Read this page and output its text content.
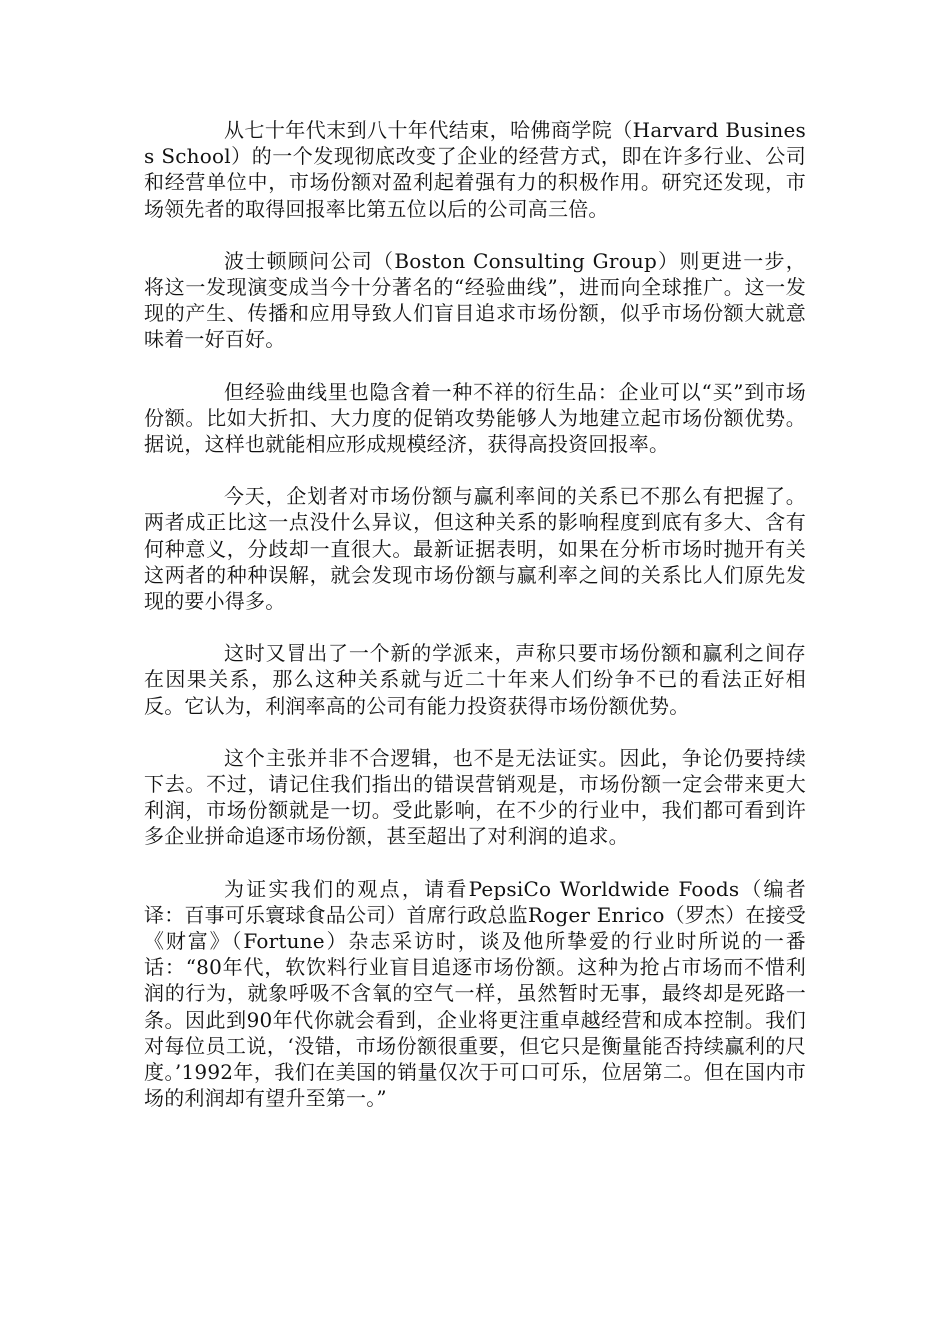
从七十年代末到八十年代结束，哈佛商学院（Harvard Business School）的一个发现彻底改变了企业的经营方式，即在许多行业、公司和经营单位中，市场份额对盈利起着强有力的积极作用。研究还发现，市场领先者的取得回报率比第五位以后的公司高三倍。

波士顿顾问公司（Boston Consulting Group）则更进一步，将这一发现演变成当今十分著名的“经验曲线”，进而向全球推广。这一发现的产生、传播和应用导致人们盲目追求市场份额，似乎市场份额大就意味着一好百好。

但经验曲线里也隐含着一种不祥的衍生品：企业可以“买”到市场份额。比如大折扣、大力度的促销攻势能够人为地建立起市场份额优势。据说，这样也就能相应形成规模经济，获得高投资回报率。

今天，企划者对市场份额与赢利率间的关系已不那么有把握了。两者成正比这一点没什么异议，但这种关系的影响程度到底有多大、含有何种意义，分歧却一直很大。最新证据表明，如果在分析市场时抛开有关这两者的种种误解，就会发现市场份额与赢利率之间的关系比人们原先发现的要小得多。

这时又冒出了一个新的学派来，声称只要市场份额和赢利之间存在因果关系，那么这种关系就与近二十年来人们纷争不已的看法正好相反。它认为，利润率高的公司有能力投资获得市场份额优势。

这个主张并非不合逻辑，也不是无法证实。因此，争论仍要持续下去。不过，请记住我们指出的错误营销观是，市场份额一定会带来更大利润，市场份额就是一切。受此影响，在不少的行业中，我们都可看到许多企业拼命追逐市场份额，甚至超出了对利润的追求。

为证实我们的观点，请看PepsiCo Worldwide Foods（编者译：百事可乐寰球食品公司）首席行政总监Roger Enrico（罗杰）在接受《财富》（Fortune）杂志采访时，谈及他所挚爱的行业时所说的一番话：“80年代，软饮料行业盲目追逐市场份额。这种为抢占市场而不惜利润的行为，就象呼吸不含氧的空气一样，虽然暂时无事，最终却是死路一条。因此到90年代你就会看到，企业将更注重卓越经营和成本控制。我们对每位员工说，‘没错，市场份额很重要，但它只是衡量能否持续赢利的尺度。’1992年，我们在美国的销量仅次于可口可乐，位居第二。但在国内市场的利润却有望升至第一。”
